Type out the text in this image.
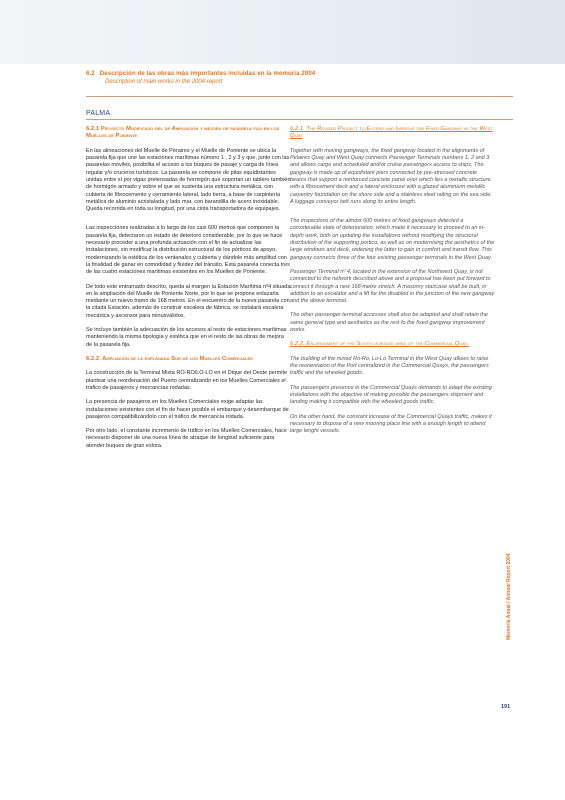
6.2 Descripción de las obras más importantes incluidas en la memoria 2004
Description of main works in the 2004 report
PALMA
6.2.1 Proyecto Modificado del de Ampliación y mejora de pasarela fija en los Muelles de Poniente

En las alineaciones del Muelle de Peraires y el Muelle de Poniente se ubica la pasarela fija que une las estaciones marítimas número 1 , 2 y 3 y que, junto con las pasarelas móviles, posibilita el acceso a los buques de pasaje y carga de línea regular y/o cruceros turísticos. La pasarela se compone de pilas equidistantes unidas entre sí por vigas pretensadas de hormigón que soportan un tablero también de hormigón armado y sobre el que se sustenta una estructura metálica, con cubierta de fibrocemento y cerramiento lateral, lado tierra, a base de carpintería metálica de aluminio acristalada y lado mar, con barandilla de acero inoxidable. Queda recorrida en toda su longitud, por una cinta transportadora de equipajes.

Las inspecciones realizadas a lo largo de los casi 600 metros que componen la pasarela fija, detectaron un estado de deterioro considerable, por lo que se hace necesario proceder a una profunda actuación con el fin de actualizar las instalaciones, sin modificar la distribución estructural de los pórticos de apoyo, modernizando la estética de los ventanales y cubierta y dándole más amplitud con la finalidad de ganar en comodidad y fluidez del tránsito. Esta pasarela conecta tres de las cuatro estaciones marítimas existentes en los Muelles de Poniente.

De todo este entramado descrito, queda al margen la Estación Marítima nº4 situada en la ampliación del Muelle de Poniente Norte, por lo que se propone enlazarla mediante un nuevo tramo de 168 metros. En el encuentro de la nueva pasarela con la citada Estación, además de construir escalera de fábrica, se instalará escalera mecánica y ascensor para minusválidos.

Se incluye también la adecuación de los accesos al resto de estaciones marítimas manteniendo la misma tipología y estética que en el resto de las obras de mejora de la pasarela fija.

6.2.2. Ampliación de la explanada Sur de los Muelles Comerciales

La construcción de la Terminal Mixta RO-RO/LO-LO en el Dique del Oeste permite plantear una reordenación del Puerto centralizando en los Muelles Comerciales el tráfico de pasajeros y mercancías rodadas.

La presencia de pasajeros en los Muelles Comerciales exige adaptar las instalaciones existentes con el fin de hacer posible el embarque y desembarque de pasajeros compatibilizándolo con el tráfico de mercancía rodada.

Por otro lado, el constante incremento de tráfico en los Muelles Comerciales, hace necesario disponer de una nueva línea de atraque de longitud suficiente para atender buques de gran eslora.

6.2.1. The Revised Project to Extend and Improve the Fixed Gangway in the West Quay

Together with moving gangways, the fixed gangway located in the alignments of Pelaires Quay and West Quay connects Passenger Terminals numbers 1, 2 and 3 and allows cargo and scheduled and/or cruise passengers access to ships. The gangway is made up of equidistant piers connected by pre-stressed concrete beams that support a reinforced concrete panel over which lies a metallic structure with a fibrocement deck and a lateral enclosure with a glazed aluminium metallic carpentry foundation on the shore side and a stainless steel railing on the sea side. A luggage conveyor belt runs along its entire length.

The inspections of the almost 600 metres of fixed gangways detected a considerable state of deterioration, which made it necessary to proceed to an in-depth work, both on updating the installations without modifying the structural distribution of the supporting portico, as well as on modernising the aesthetics of the large windows and deck, widening the latter to gain in comfort and transit flow. This gangway connects three of the four existing passenger terminals in the West Quay.

Passenger Terminal nº 4, located in the extension of the Northwest Quay, is not connected to the network described above and a proposal has been put forward to connect it through a new 168-metre stretch. A masonry staircase shall be built, in addition to an escalator and a lift for the disabled in the junction of the new gangway and the above terminal.

The other passenger terminal accesses shall also be adapted and shall retain the same general type and aesthetics as the rest fo the fixed gangway improvement works.

6.2.2. Enlargement of the South levelled area of the Commercial Quay.

The building of the mixed Ro-Ro, Lo-Lo Terminal in the West Quay allows to raise the reorientation of the Port centralized in the Commercial Quays, the passengers traffic and the wheeled goods.

The passengers presence in the Commercial Quays demands to adapt the existing installations with the objective of making possible the passengers shipment and landing making it compatible with the wheeled goods traffic.

On the other hand, the constant increase of the Commercial Quays traffic, makes it necessary to dispose of a new mooring place line with a enough length to attend large lenght vessels.

Memoria Anual / Annual Report 2004
191
